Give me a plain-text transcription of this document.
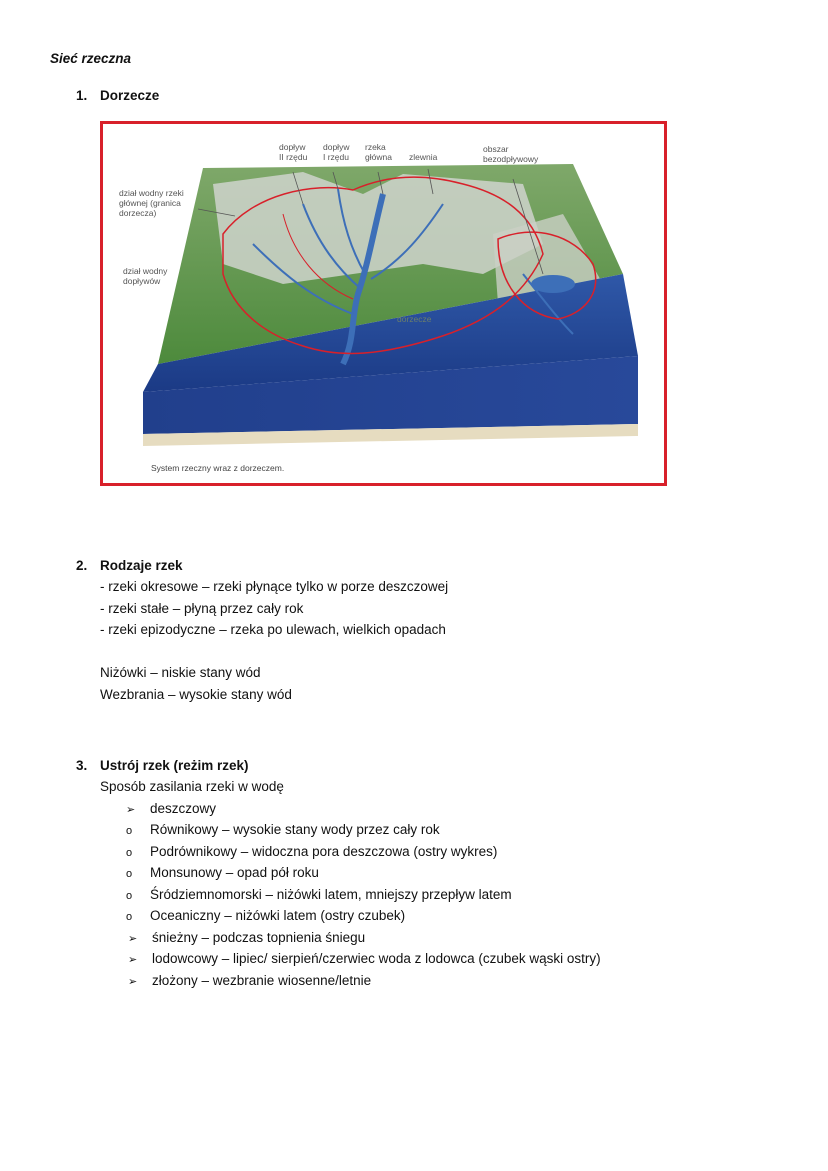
Sieć rzeczna
1. Dorzecze
dopływ
II rzędu
dopływ
I rzędu
rzeka
główna zlewnia
obszar
bezodpływowy
dział wodny rzeki
głównej (granica
dorzecza)
dział wodny
dopływów
dorzecze
System rzeczny wraz z dorzeczem.
2. Rodzaje rzek
- rzeki okresowe – rzeki płynące tylko w porze deszczowej
- rzeki stałe – płyną przez cały rok
- rzeki epizodyczne – rzeka po ulewach, wielkich opadach
Niżówki – niskie stany wód
Wezbrania – wysokie stany wód
3. Ustrój rzek (reżim rzek)
Sposób zasilania rzeki w wodę
➢ deszczowy
o Równikowy – wysokie stany wody przez cały rok
o Podrównikowy – widoczna pora deszczowa (ostry wykres)
o Monsunowy – opad pół roku
o Śródziemnomorski – niżówki latem, mniejszy przepływ latem
o Oceaniczny – niżówki latem (ostry czubek)
➢ śnieżny – podczas topnienia śniegu
➢ lodowcowy – lipiec/ sierpień/czerwiec woda z lodowca (czubek wąski ostry)
➢ złożony – wezbranie wiosenne/letnie
